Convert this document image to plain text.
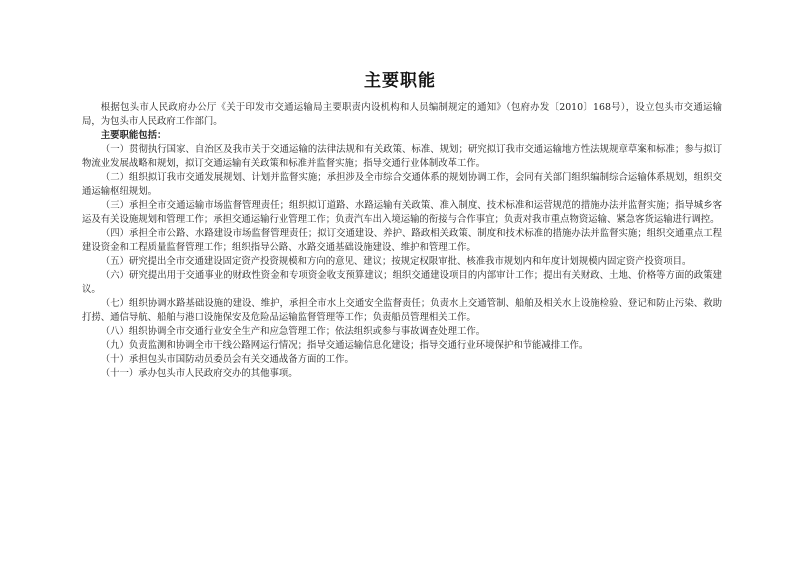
主要职能

根据包头市人民政府办公厅《关于印发市交通运输局主要职责内设机构和人员编制规定的通知》（包府办发〔2010〕168号），设立包头市交通运输局，为包头市人民政府工作部门。

主要职能包括：

（一）贯彻执行国家、自治区及我市关于交通运输的法律法规和有关政策、标准、规划；研究拟订我市交通运输地方性法规规章草案和标准；参与拟订物流业发展战略和规划，拟订交通运输有关政策和标准并监督实施；指导交通行业体制改革工作。

（二）组织拟订我市交通发展规划、计划并监督实施；承担涉及全市综合交通体系的规划协调工作，会同有关部门组织编制综合运输体系规划，组织交通运输枢纽规划。

（三）承担全市交通运输市场监督管理责任；组织拟订道路、水路运输有关政策、准入制度、技术标准和运营规范的措施办法并监督实施；指导城乡客运及有关设施规划和管理工作；承担交通运输行业管理工作；负责汽车出入境运输的衔接与合作事宜；负责对我市重点物资运输、紧急客货运输进行调控。

（四）承担全市公路、水路建设市场监督管理责任；拟订交通建设、养护、路政相关政策、制度和技术标准的措施办法并监督实施；组织交通重点工程建设资金和工程质量监督管理工作；组织指导公路、水路交通基础设施建设、维护和管理工作。

（五）研究提出全市交通建设固定资产投资规模和方向的意见、建议；按规定权限审批、核准我市规划内和年度计划规模内固定资产投资项目。

（六）研究提出用于交通事业的财政性资金和专项资金收支预算建议；组织交通建设项目的内部审计工作；提出有关财政、土地、价格等方面的政策建议。

（七）组织协调水路基础设施的建设、维护，承担全市水上交通安全监督责任；负责水上交通管制、船舶及相关水上设施检验、登记和防止污染、救助打捞、通信导航、船舶与港口设施保安及危险品运输监督管理等工作；负责船员管理相关工作。

（八）组织协调全市交通行业安全生产和应急管理工作；依法组织或参与事故调查处理工作。

（九）负责监测和协调全市干线公路网运行情况；指导交通运输信息化建设；指导交通行业环境保护和节能减排工作。

（十）承担包头市国防动员委员会有关交通战备方面的工作。

（十一）承办包头市人民政府交办的其他事项。
